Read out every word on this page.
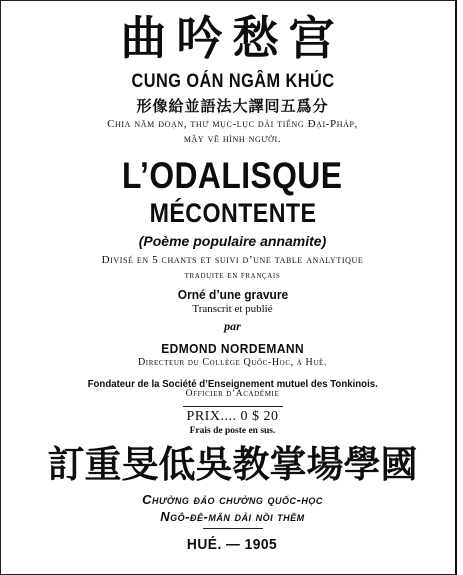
曲吟愁宫
CUNG OÁN NGÂM KHÚC
形像給並語法大譯囘五爲分
Chia năm đoạn, thư mục-lục dải tiếng Đại-Pháp,
mầy vẽ hình người.
L’ODALISQUE
MÉCONTENTE
(Poème populaire annamite)
Divisé en 5 chants et suivi d’une table analytique
traduite en français
Orné d’une gravure
Transcrit et publié
par
EDMOND NORDEMANN
Directeur du Collège Quốc-Học, à Huê.
Fondateur de la Société d’Enseignement mutuel des Tonkinois.
Officier d’Académie
PRIX.... 0 $ 20
Frais de poste en sus.
訂重旻低吳教掌場學國
Chưởng đảo chưởng quốc-học
Ngô-đê-mân dải nồi thêm
HUÉ. — 1905
